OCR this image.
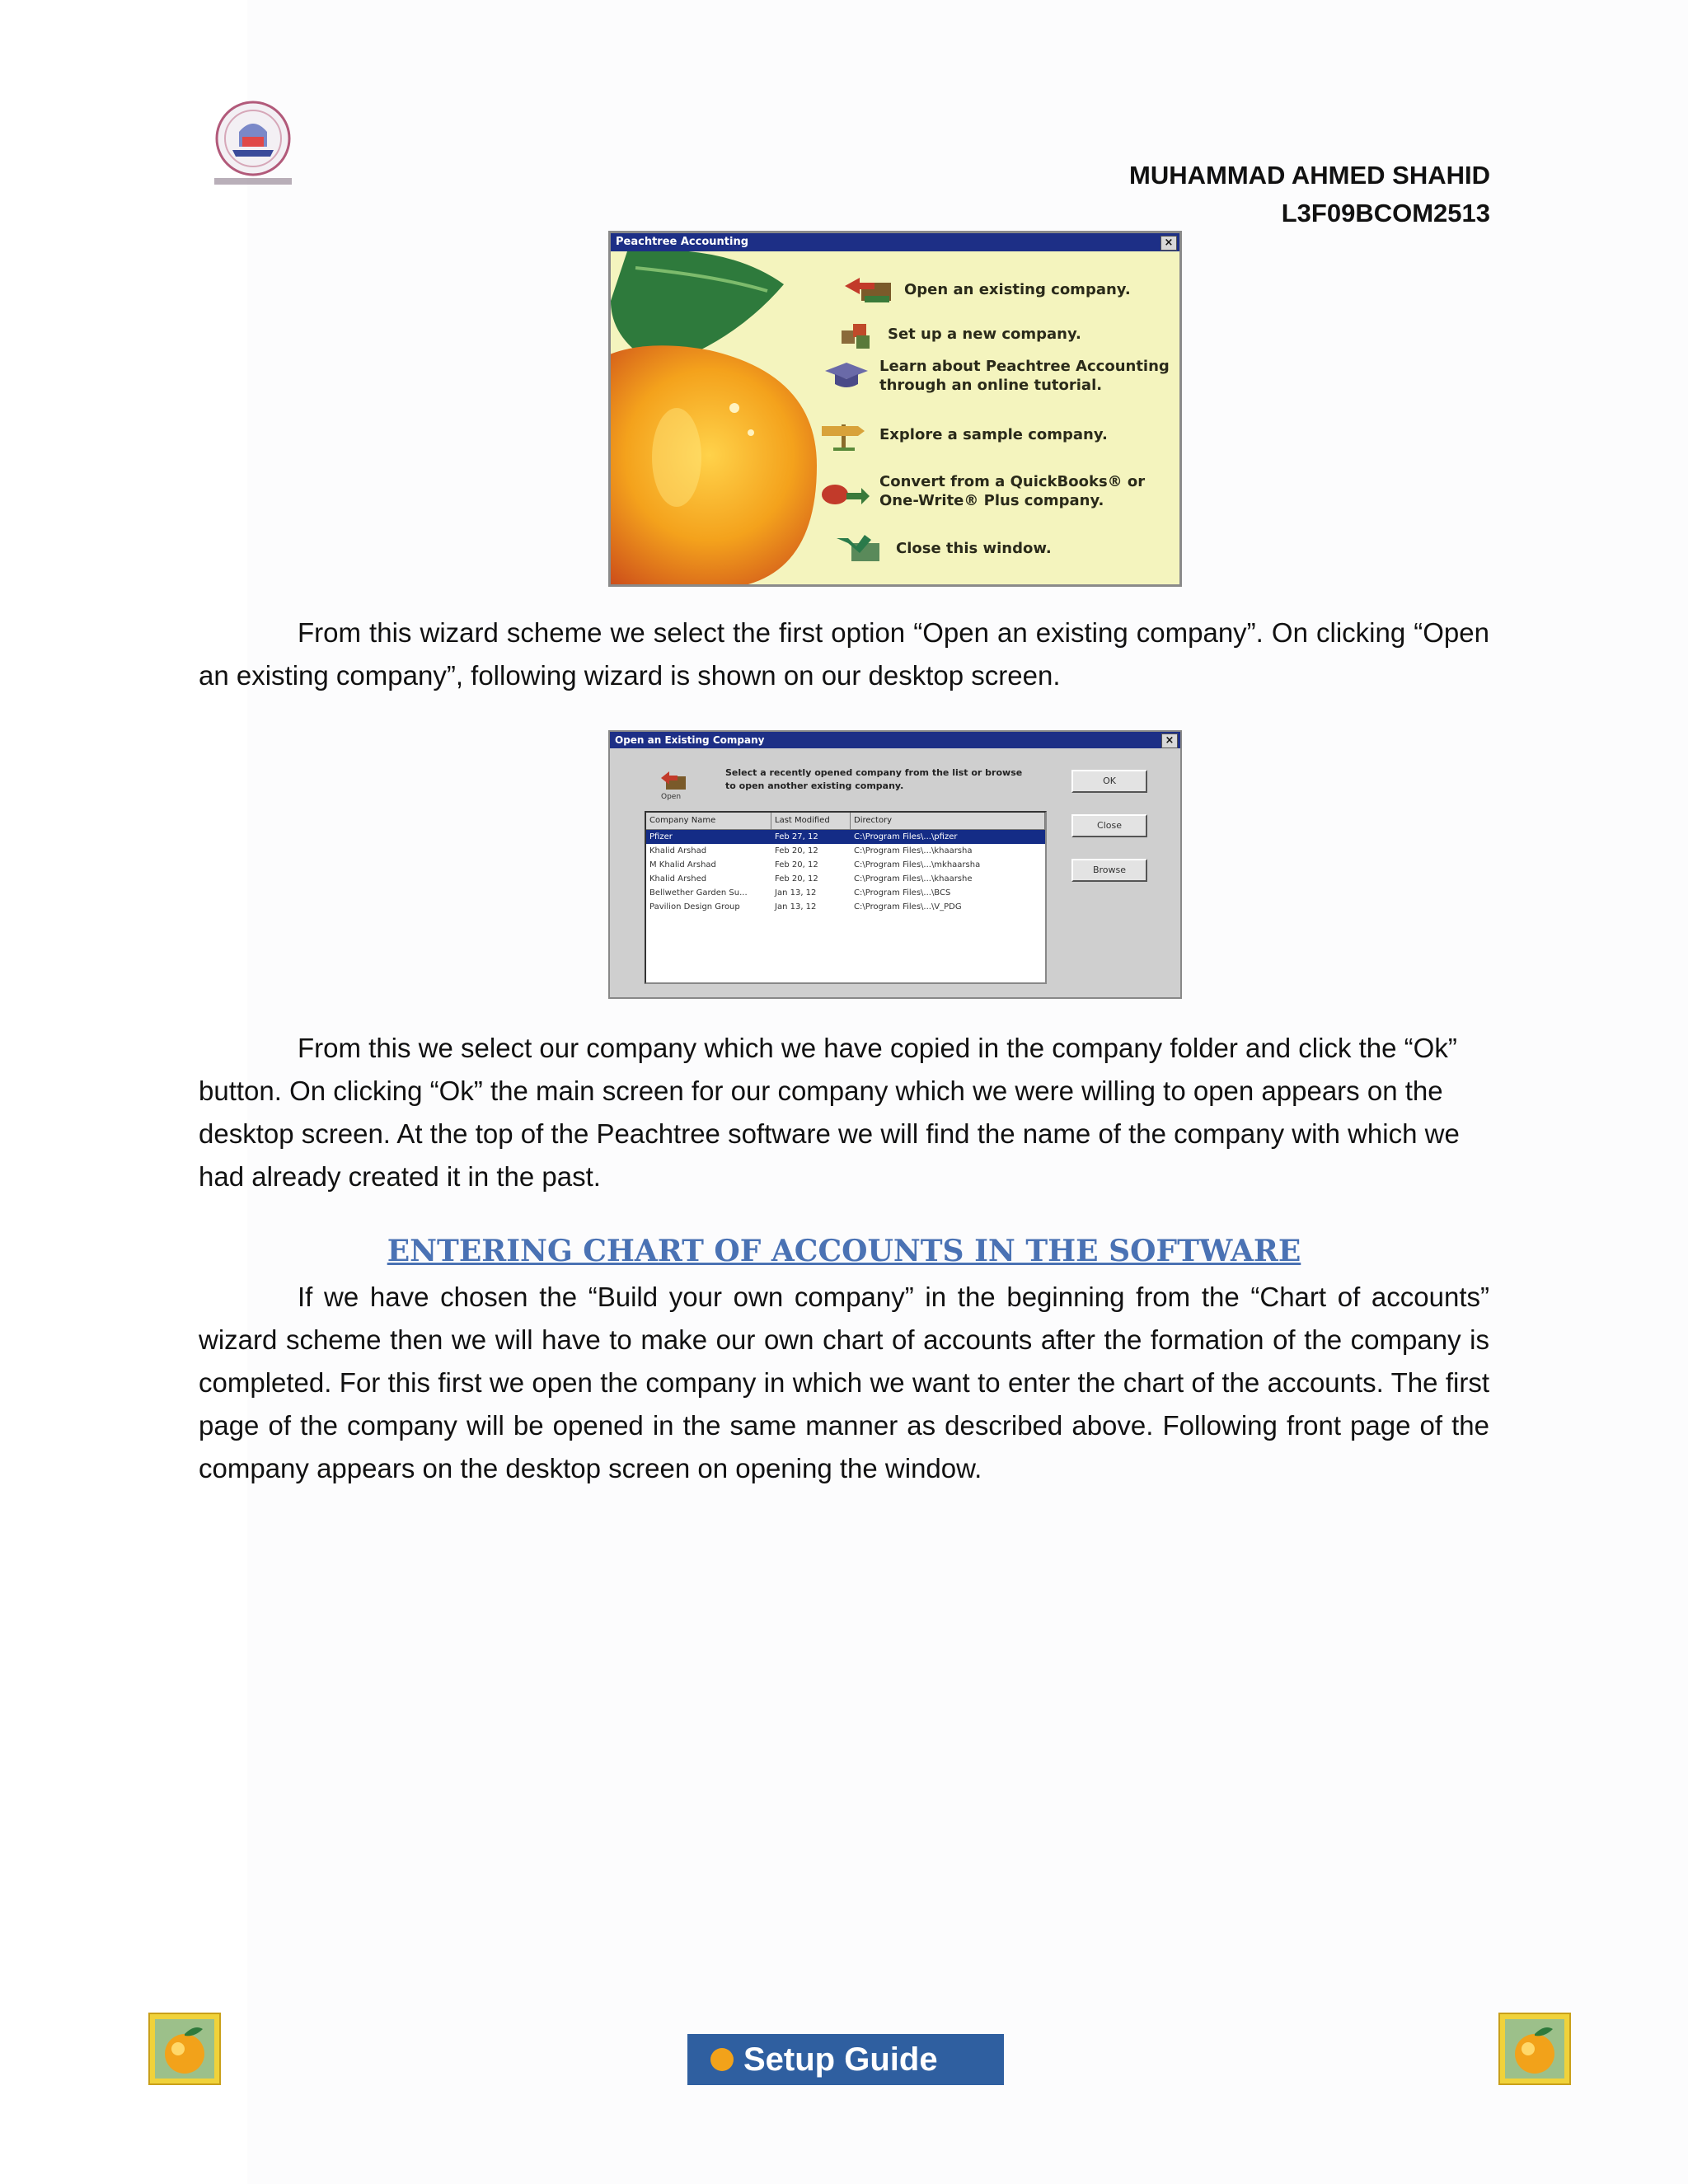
MUHAMMAD AHMED SHAHID
L3F09BCOM2513
Peachtree Accounting	×
Open an existing company.
Set up a new company.
Learn about Peachtree Accounting
through an online tutorial.
Explore a sample company.
Convert from a QuickBooks® or
One-Write® Plus company.
Close this window.

From this wizard scheme we select the first option “Open an existing company”. On clicking “Open an existing company”, following wizard is shown on our desktop screen.

Open an Existing Company	×
Open
Select a recently opened company from the list or browse to open another existing company.	OK
Close
Browse
Company Name	Last Modified	Directory
Pfizer	Feb 27, 12	C:\Program Files\...\pfizer
Khalid Arshad	Feb 20, 12	C:\Program Files\...\khaarsha
M Khalid Arshad	Feb 20, 12	C:\Program Files\...\mkhaarsha
Khalid Arshed	Feb 20, 12	C:\Program Files\...\khaarshe
Bellwether Garden Su...	Jan 13, 12	C:\Program Files\...\BCS
Pavilion Design Group	Jan 13, 12	C:\Program Files\...\V_PDG

From this we select our company which we have copied in the company folder and click the “Ok” button. On clicking “Ok” the main screen for our company which we were willing to open appears on the desktop screen. At the top of the Peachtree software we will find the name of the company with which we had already created it in the past.

ENTERING CHART OF ACCOUNTS IN THE SOFTWARE

If we have chosen the “Build your own company” in the beginning from the “Chart of accounts” wizard scheme then we will have to make our own chart of accounts after the formation of the company is completed. For this first we open the company in which we want to enter the chart of the accounts. The first page of the company will be opened in the same manner as described above. Following front page of the company appears on the desktop screen on opening the window.

Setup Guide
